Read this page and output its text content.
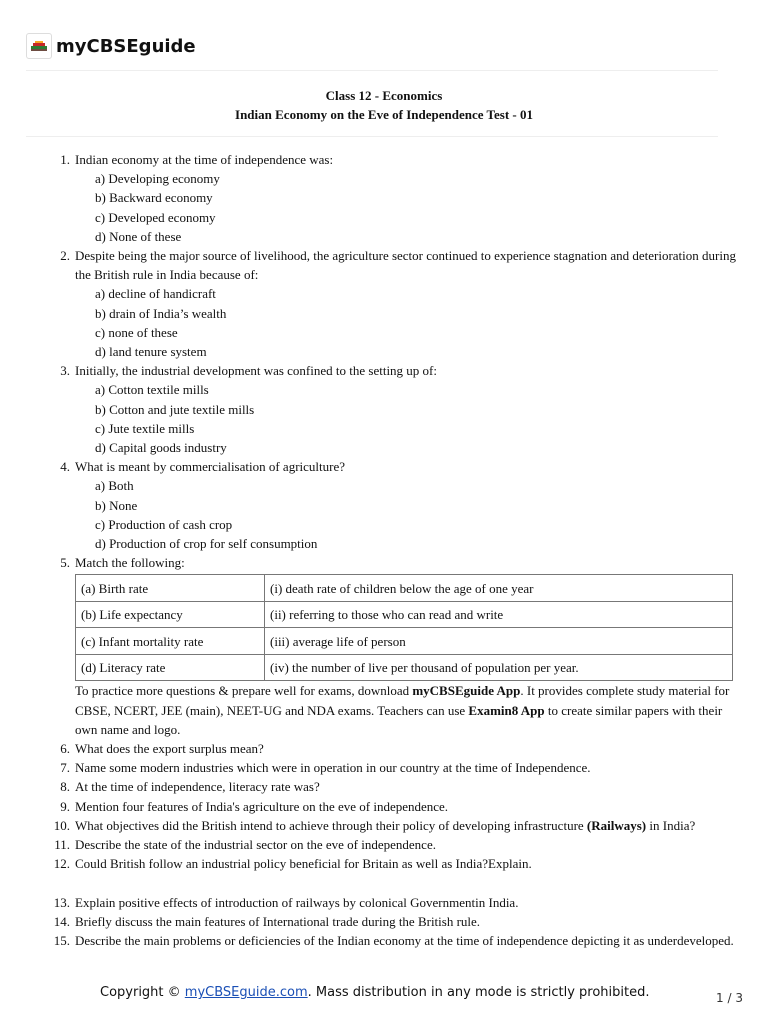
myCBSEguide
Class 12 - Economics
Indian Economy on the Eve of Independence Test - 01
1. Indian economy at the time of independence was:
a) Developing economy
b) Backward economy
c) Developed economy
d) None of these
2. Despite being the major source of livelihood, the agriculture sector continued to experience stagnation and deterioration during the British rule in India because of:
a) decline of handicraft
b) drain of India’s wealth
c) none of these
d) land tenure system
3. Initially, the industrial development was confined to the setting up of:
a) Cotton textile mills
b) Cotton and jute textile mills
c) Jute textile mills
d) Capital goods industry
4. What is meant by commercialisation of agriculture?
a) Both
b) None
c) Production of cash crop
d) Production of crop for self consumption
5. Match the following:
(a) Birth rate	(i) death rate of children below the age of one year
(b) Life expectancy	(ii) referring to those who can read and write
(c) Infant mortality rate	(iii) average life of person
(d) Literacy rate	(iv) the number of live per thousand of population per year.
To practice more questions & prepare well for exams, download myCBSEguide App. It provides complete study material for CBSE, NCERT, JEE (main), NEET-UG and NDA exams. Teachers can use Examin8 App to create similar papers with their own name and logo.
6. What does the export surplus mean?
7. Name some modern industries which were in operation in our country at the time of Independence.
8. At the time of independence, literacy rate was?
9. Mention four features of India's agriculture on the eve of independence.
10. What objectives did the British intend to achieve through their policy of developing infrastructure (Railways) in India?
11. Describe the state of the industrial sector on the eve of independence.
12. Could British follow an industrial policy beneficial for Britain as well as India?Explain.
13. Explain positive effects of introduction of railways by colonical Governmentin India.
14. Briefly discuss the main features of International trade during the British rule.
15. Describe the main problems or deficiencies of the Indian economy at the time of independence depicting it as underdeveloped.
Copyright © myCBSEguide.com. Mass distribution in any mode is strictly prohibited.	1 / 3
